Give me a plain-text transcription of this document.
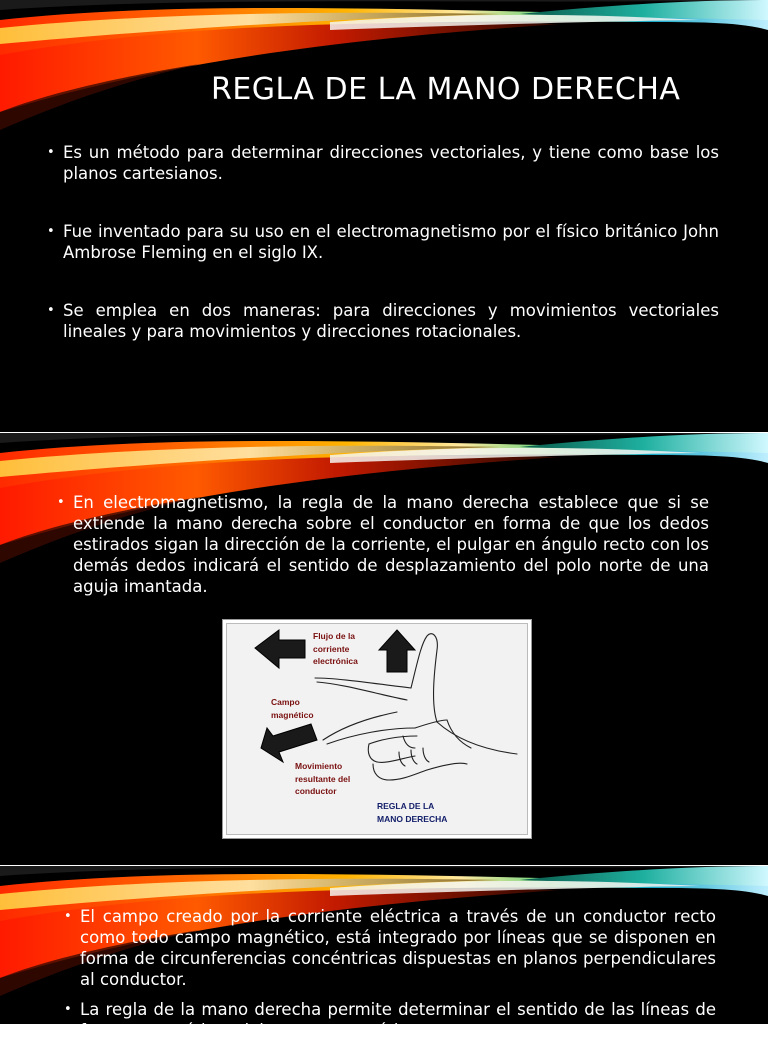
REGLA DE LA MANO DERECHA
• Es un método para determinar direcciones vectoriales, y tiene como base los planos cartesianos.
• Fue inventado para su uso en el electromagnetismo por el físico británico John Ambrose Fleming en el siglo IX.
• Se emplea en dos maneras: para direcciones y movimientos vectoriales lineales y para movimientos y direcciones rotacionales.
• En electromagnetismo, la regla de la mano derecha establece que si se extiende la mano derecha sobre el conductor en forma de que los dedos estirados sigan la dirección de la corriente, el pulgar en ángulo recto con los demás dedos indicará el sentido de desplazamiento del polo norte de una aguja imantada.
Flujo de la
corriente
electrónica
Campo
magnético
Movimiento
resultante del
conductor
REGLA DE LA
MANO DERECHA
• El campo creado por la corriente eléctrica a través de un conductor recto como todo campo magnético, está integrado por líneas que se disponen en forma de circunferencias concéntricas dispuestas en planos perpendiculares al conductor.
• La regla de la mano derecha permite determinar el sentido de las líneas de fuerza magnéticas del campo magnético.
